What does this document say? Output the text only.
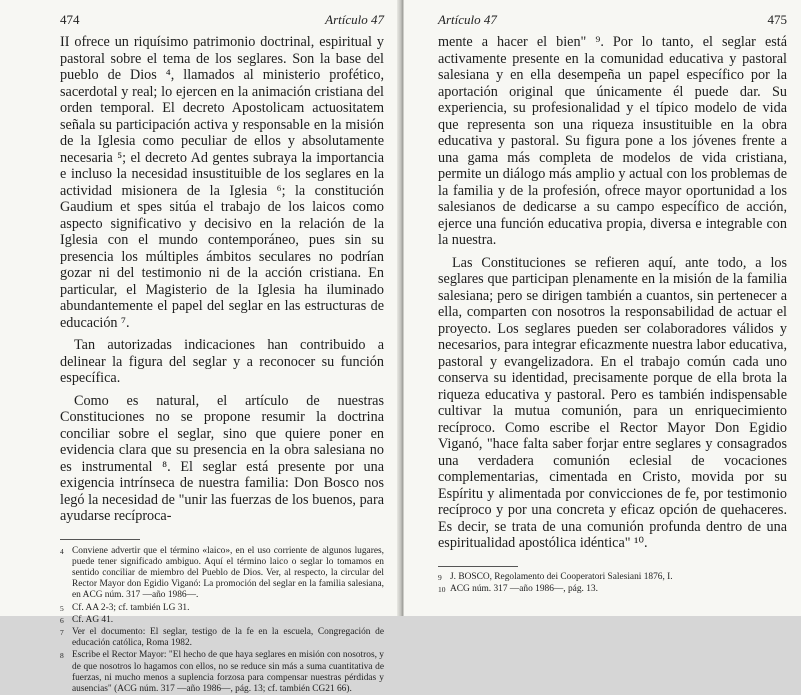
474	Artículo 47

II ofrece un riquísimo patrimonio doctrinal, espiritual y pastoral sobre el tema de los seglares. Son la base del pueblo de Dios ⁴, llamados al ministerio profético, sacerdotal y real; lo ejercen en la animación cristiana del orden temporal. El decreto Apostolicam actuositatem señala su participación activa y responsable en la misión de la Iglesia como peculiar de ellos y absolutamente necesaria ⁵; el decreto Ad gentes subraya la importancia e incluso la necesidad insustituible de los seglares en la actividad misionera de la Iglesia ⁶; la constitución Gaudium et spes sitúa el trabajo de los laicos como aspecto significativo y decisivo en la relación de la Iglesia con el mundo contemporáneo, pues sin su presencia los múltiples ámbitos seculares no podrían gozar ni del testimonio ni de la acción cristiana. En particular, el Magisterio de la Iglesia ha iluminado abundantemente el papel del seglar en las estructuras de educación ⁷.

Tan autorizadas indicaciones han contribuido a delinear la figura del seglar y a reconocer su función específica.

Como es natural, el artículo de nuestras Constituciones no se propone resumir la doctrina conciliar sobre el seglar, sino que quiere poner en evidencia clara que su presencia en la obra salesiana no es instrumental ⁸. El seglar está presente por una exigencia intrínseca de nuestra familia: Don Bosco nos legó la necesidad de "unir las fuerzas de los buenos, para ayudarse recíproca-

4 Conviene advertir que el término «laico», en el uso corriente de algunos lugares, puede tener significado ambiguo. Aquí el término laico o seglar lo tomamos en sentido conciliar de miembro del Pueblo de Dios. Ver, al respecto, la circular del Rector Mayor don Egidio Viganó: La promoción del seglar en la familia salesiana, en ACG núm. 317 —año 1986—.
5 Cf. AA 2-3; cf. también LG 31.
6 Cf. AG 41.
7 Ver el documento: El seglar, testigo de la fe en la escuela, Congregación de educación católica, Roma 1982.
8 Escribe el Rector Mayor: "El hecho de que haya seglares en misión con nosotros, y de que nosotros lo hagamos con ellos, no se reduce sin más a suma cuantitativa de fuerzas, ni mucho menos a suplencia forzosa para compensar nuestras pérdidas y ausencias" (ACG núm. 317 —año 1986—, pág. 13; cf. también CG21 66).
Artículo 47	475

mente a hacer el bien" ⁹. Por lo tanto, el seglar está activamente presente en la comunidad educativa y pastoral salesiana y en ella desempeña un papel específico por la aportación original que únicamente él puede dar. Su experiencia, su profesionalidad y el típico modelo de vida que representa son una riqueza insustituible en la obra educativa y pastoral. Su figura pone a los jóvenes frente a una gama más completa de modelos de vida cristiana, permite un diálogo más amplio y actual con los problemas de la familia y de la profesión, ofrece mayor oportunidad a los salesianos de dedicarse a su campo específico de acción, ejerce una función educativa propia, diversa e integrable con la nuestra.

Las Constituciones se refieren aquí, ante todo, a los seglares que participan plenamente en la misión de la familia salesiana; pero se dirigen también a cuantos, sin pertenecer a ella, comparten con nosotros la responsabilidad de actuar el proyecto. Los seglares pueden ser colaboradores válidos y necesarios, para integrar eficazmente nuestra labor educativa, pastoral y evangelizadora. En el trabajo común cada uno conserva su identidad, precisamente porque de ella brota la riqueza educativa y pastoral. Pero es también indispensable cultivar la mutua comunión, para un enriquecimiento recíproco. Como escribe el Rector Mayor Don Egidio Viganó, "hace falta saber forjar entre seglares y consagrados una verdadera comunión eclesial de vocaciones complementarias, cimentada en Cristo, movida por su Espíritu y alimentada por convicciones de fe, por testimonio recíproco y por una concreta y eficaz opción de quehaceres. Es decir, se trata de una comunión profunda dentro de una espiritualidad apostólica idéntica" ¹⁰.

9 J. BOSCO, Regolamento dei Cooperatori Salesiani 1876, I.
10 ACG núm. 317 —año 1986—, pág. 13.
